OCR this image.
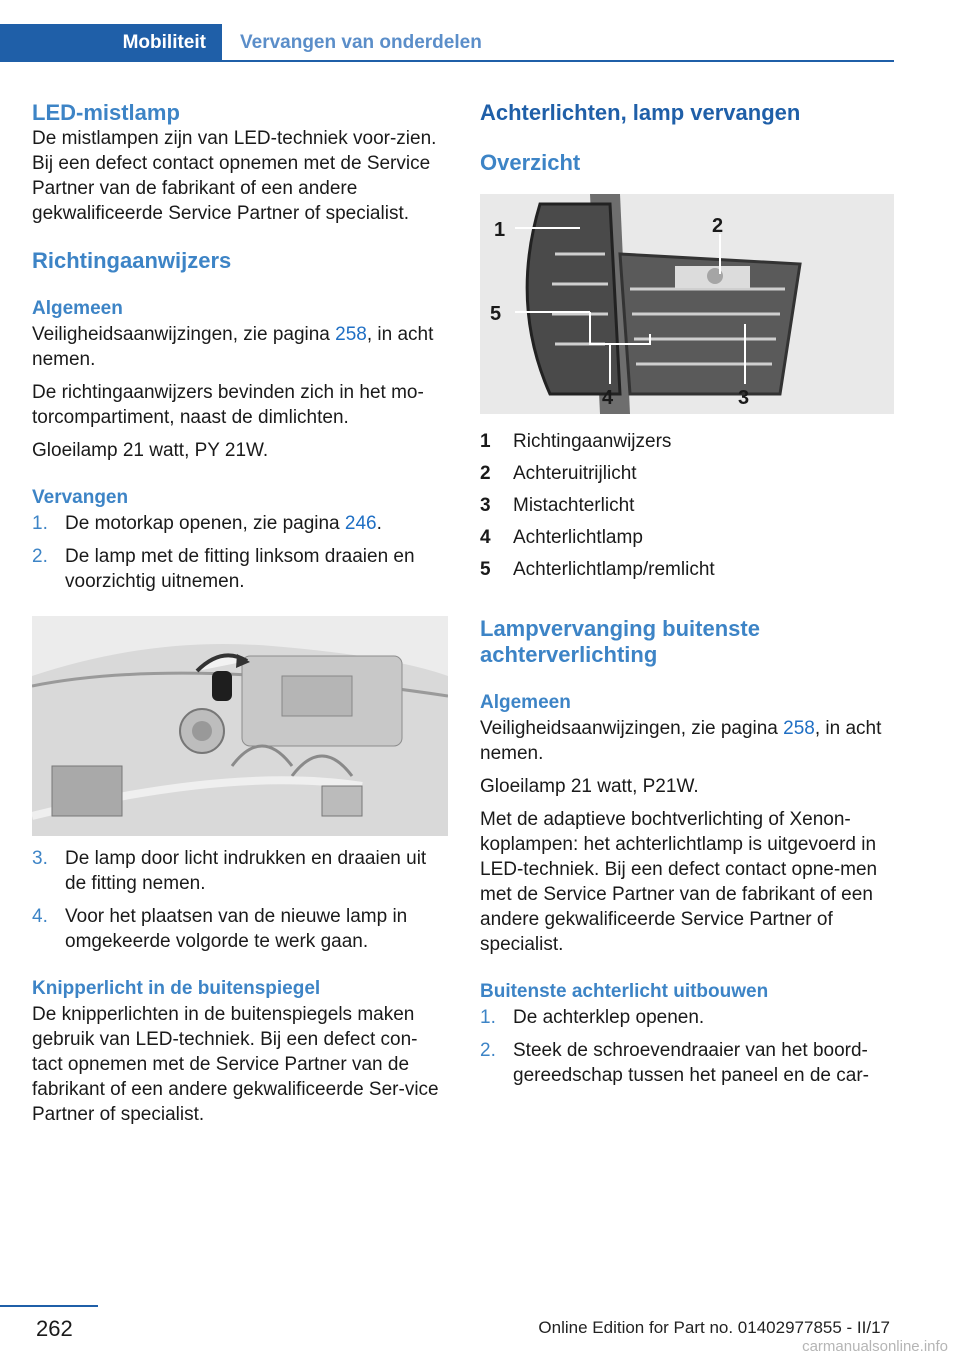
Mobiliteit	Vervangen van onderdelen
LED-mistlamp

De mistlampen zijn van LED-techniek voor-zien. Bij een defect contact opnemen met de Service Partner van de fabrikant of een andere gekwalificeerde Service Partner of specialist.

Richtingaanwijzers
Algemeen

Veiligheidsaanwijzingen, zie pagina 258, in acht nemen.

De richtingaanwijzers bevinden zich in het mo-torcompartiment, naast de dimlichten.

Gloeilamp 21 watt, PY 21W.

Vervangen
1. De motorkap openen, zie pagina 246.
2. De lamp met de fitting linksom draaien en voorzichtig uitnemen.
3. De lamp door licht indrukken en draaien uit de fitting nemen.
4. Voor het plaatsen van de nieuwe lamp in omgekeerde volgorde te werk gaan.
Knipperlicht in de buitenspiegel

De knipperlichten in de buitenspiegels maken gebruik van LED-techniek. Bij een defect con-tact opnemen met de Service Partner van de fabrikant of een andere gekwalificeerde Ser-vice Partner of specialist.

Achterlichten, lamp vervangen
Overzicht
1	2
3
4
5
1 Richtingaanwijzers
2 Achteruitrijlicht
3 Mistachterlicht
4 Achterlichtlamp
5 Achterlichtlamp/remlicht
Lampvervanging buitenste achterverlichting
Algemeen

Veiligheidsaanwijzingen, zie pagina 258, in acht nemen.

Gloeilamp 21 watt, P21W.

Met de adaptieve bochtverlichting of Xenon-koplampen: het achterlichtlamp is uitgevoerd in LED-techniek. Bij een defect contact opne-men met de Service Partner van de fabrikant of een andere gekwalificeerde Service Partner of specialist.

Buitenste achterlicht uitbouwen
1. De achterklep openen.
2. Steek de schroevendraaier van het boord-gereedschap tussen het paneel en de car-
262	Online Edition for Part no. 01402977855 - II/17
carmanualsonline.info
